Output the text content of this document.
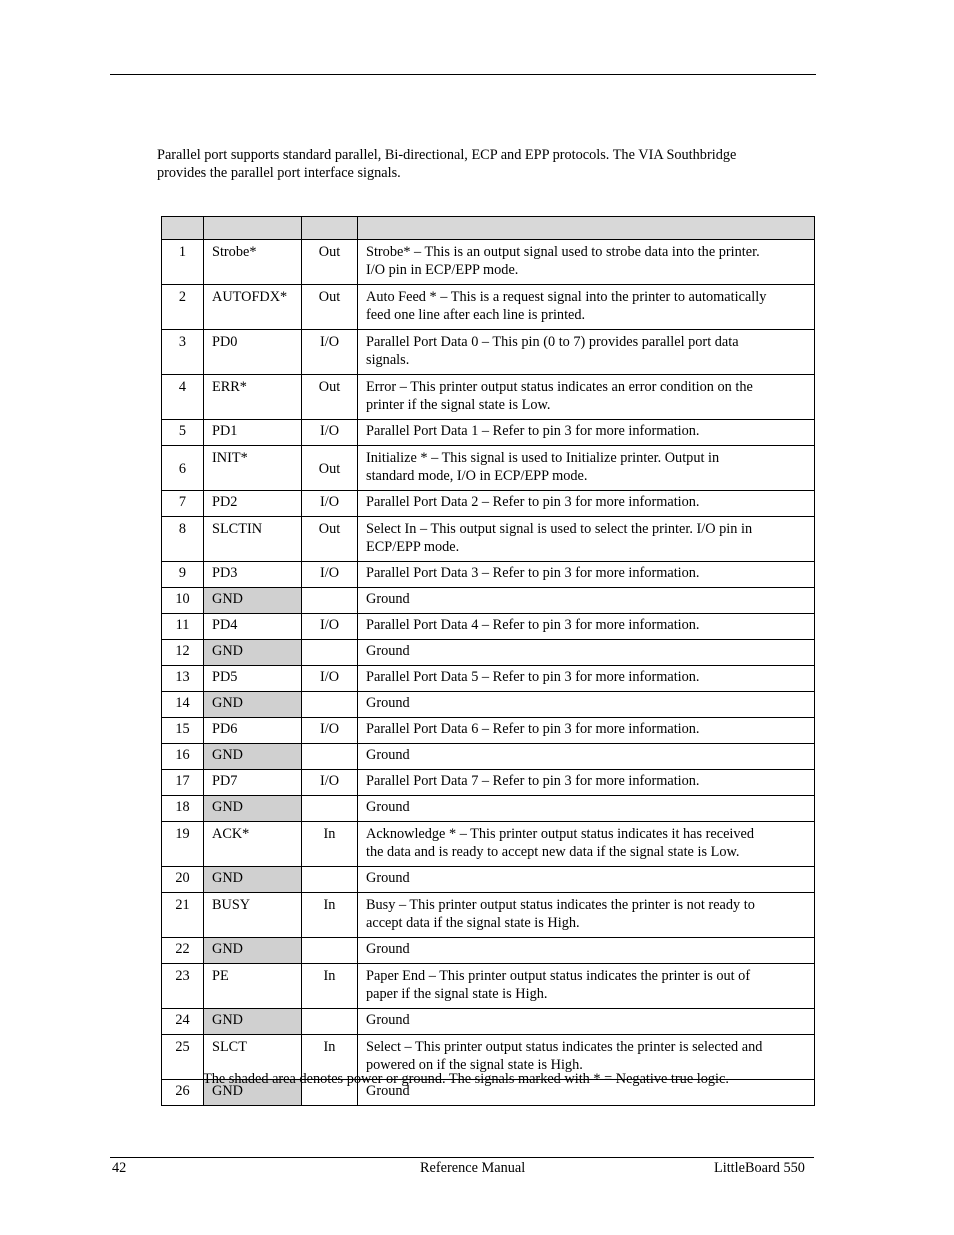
Parallel port supports standard parallel, Bi-directional, ECP and EPP protocols. The VIA Southbridge
provides the parallel port interface signals.

1	Strobe*	Out	Strobe* – This is an output signal used to strobe data into the printer.
I/O pin in ECP/EPP mode.

2	AUTOFDX*	Out	Auto Feed * – This is a request signal into the printer to automatically
feed one line after each line is printed.

3	PD0	I/O	Parallel Port Data 0 – This pin (0 to 7) provides parallel port data
signals.

4	ERR*	Out	Error – This printer output status indicates an error condition on the
printer if the signal state is Low.

5	PD1	I/O	Parallel Port Data 1 – Refer to pin 3 for more information.

6	INIT*	Out	Initialize * – This signal is used to Initialize printer. Output in
standard mode, I/O in ECP/EPP mode.

7	PD2	I/O	Parallel Port Data 2 – Refer to pin 3 for more information.

8	SLCTIN	Out	Select In – This output signal is used to select the printer. I/O pin in
ECP/EPP mode.

9	PD3	I/O	Parallel Port Data 3 – Refer to pin 3 for more information.

10	GND		Ground

11	PD4	I/O	Parallel Port Data 4 – Refer to pin 3 for more information.

12	GND		Ground

13	PD5	I/O	Parallel Port Data 5 – Refer to pin 3 for more information.

14	GND		Ground

15	PD6	I/O	Parallel Port Data 6 – Refer to pin 3 for more information.

16	GND		Ground

17	PD7	I/O	Parallel Port Data 7 – Refer to pin 3 for more information.

18	GND		Ground

19	ACK*	In	Acknowledge * – This printer output status indicates it has received
the data and is ready to accept new data if the signal state is Low.

20	GND		Ground

21	BUSY	In	Busy – This printer output status indicates the printer is not ready to
accept data if the signal state is High.

22	GND		Ground

23	PE	In	Paper End – This printer output status indicates the printer is out of
paper if the signal state is High.

24	GND		Ground

25	SLCT	In	Select – This printer output status indicates the printer is selected and
powered on if the signal state is High.

26	GND		Ground
The shaded area denotes power or ground. The signals marked with * = Negative true logic.
42	Reference Manual	LittleBoard 550
